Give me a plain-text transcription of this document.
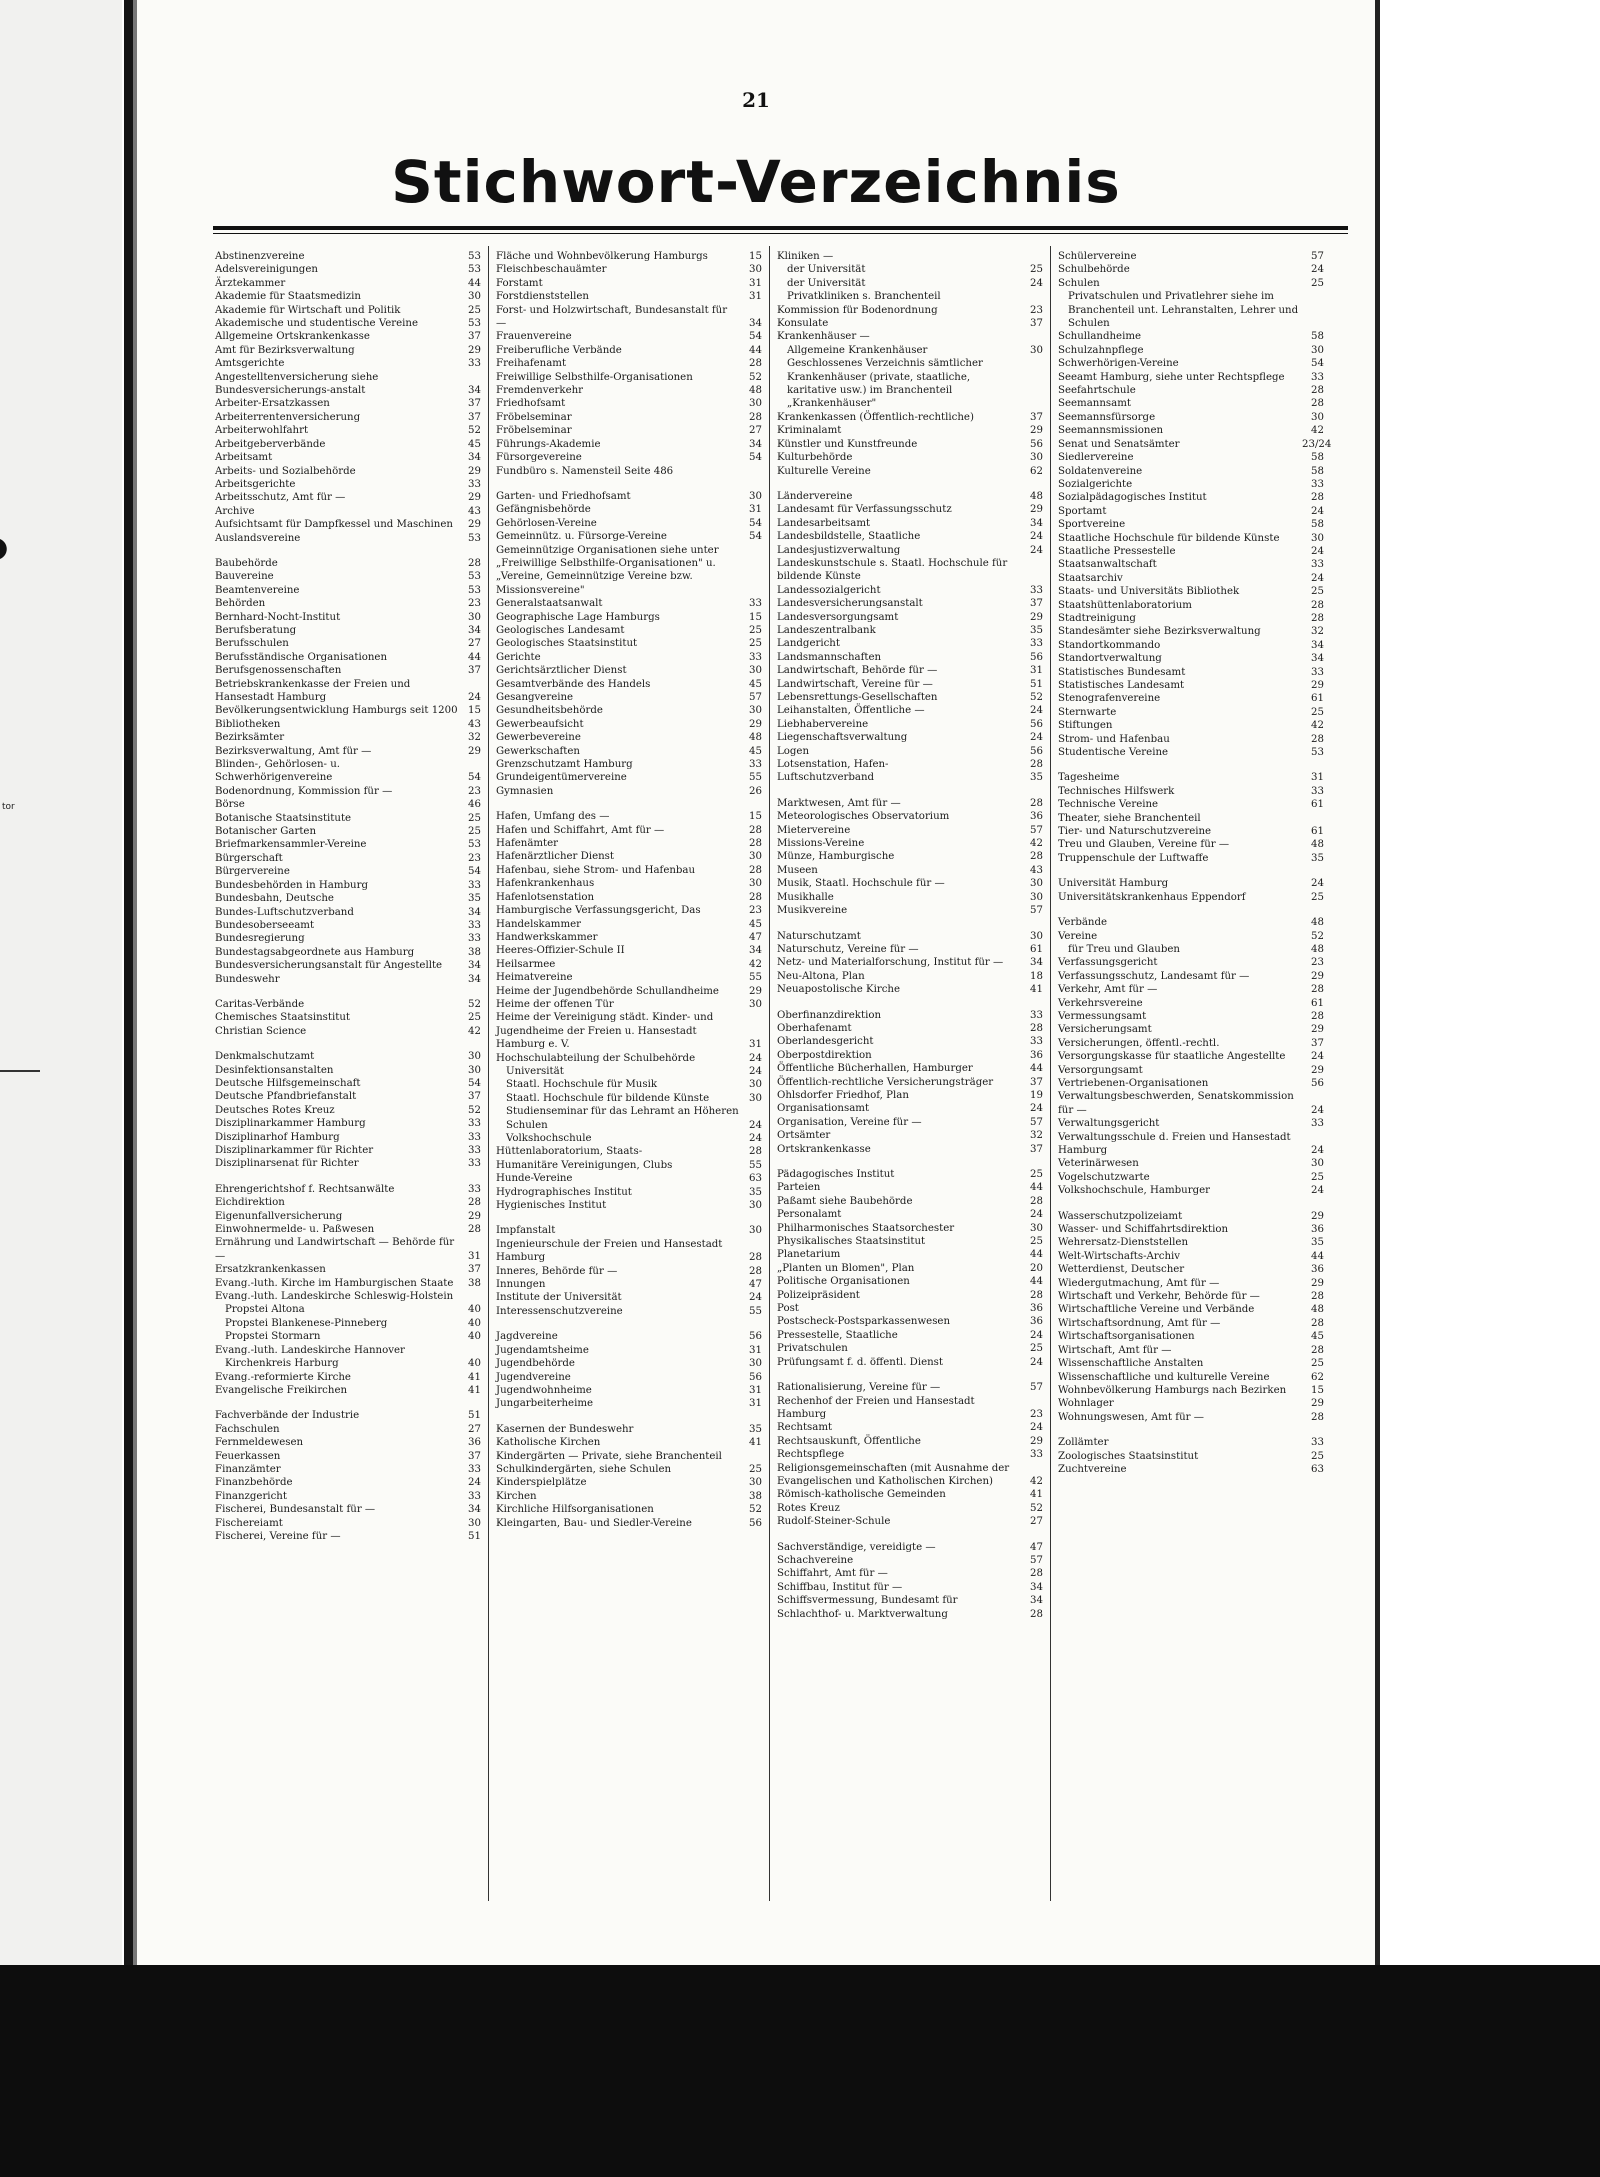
tor
21
Stichwort-Verzeichnis
Abstinenzvereine	53
Adelsvereinigungen	53
Ärztekammer	44
Akademie für Staatsmedizin	30
Akademie für Wirtschaft und Politik	25
Akademische und studentische Vereine	53
Allgemeine Ortskrankenkasse	37
Amt für Bezirksverwaltung	29
Amtsgerichte	33
Angestelltenversicherung siehe Bundesversicherungs-anstalt	34
Arbeiter-Ersatzkassen	37
Arbeiterrentenversicherung	37
Arbeiterwohlfahrt	52
Arbeitgeberverbände	45
Arbeitsamt	34
Arbeits- und Sozialbehörde	29
Arbeitsgerichte	33
Arbeitsschutz, Amt für —	29
Archive	43
Aufsichtsamt für Dampfkessel und Maschinen	29
Auslandsvereine	53
Baubehörde	28
Bauvereine	53
Beamtenvereine	53
Behörden	23
Bernhard-Nocht-Institut	30
Berufsberatung	34
Berufsschulen	27
Berufsständische Organisationen	44
Berufsgenossenschaften	37
Betriebskrankenkasse der Freien und Hansestadt Hamburg	24
Bevölkerungsentwicklung Hamburgs seit 1200	15
Bibliotheken	43
Bezirksämter	32
Bezirksverwaltung, Amt für —	29
Blinden-, Gehörlosen- u. Schwerhörigenvereine	54
Bodenordnung, Kommission für —	23
Börse	46
Botanische Staatsinstitute	25
Botanischer Garten	25
Briefmarkensammler-Vereine	53
Bürgerschaft	23
Bürgervereine	54
Bundesbehörden in Hamburg	33
Bundesbahn, Deutsche	35
Bundes-Luftschutzverband	34
Bundesoberseeamt	33
Bundesregierung	33
Bundestagsabgeordnete aus Hamburg	38
Bundesversicherungsanstalt für Angestellte	34
Bundeswehr	34
Caritas-Verbände	52
Chemisches Staatsinstitut	25
Christian Science	42
Denkmalschutzamt	30
Desinfektionsanstalten	30
Deutsche Hilfsgemeinschaft	54
Deutsche Pfandbriefanstalt	37
Deutsches Rotes Kreuz	52
Disziplinarkammer Hamburg	33
Disziplinarhof Hamburg	33
Disziplinarkammer für Richter	33
Disziplinarsenat für Richter	33
Ehrengerichtshof f. Rechtsanwälte	33
Eichdirektion	28
Eigenunfallversicherung	29
Einwohnermelde- u. Paßwesen	28
Ernährung und Landwirtschaft — Behörde für —	31
Ersatzkrankenkassen	37
Evang.-luth. Kirche im Hamburgischen Staate	38
Evang.-luth. Landeskirche Schleswig-Holstein
Propstei Altona	40
Propstei Blankenese-Pinneberg	40
Propstei Stormarn	40
Evang.-luth. Landeskirche Hannover
Kirchenkreis Harburg	40
Evang.-reformierte Kirche	41
Evangelische Freikirchen	41
Fachverbände der Industrie	51
Fachschulen	27
Fernmeldewesen	36
Feuerkassen	37
Finanzämter	33
Finanzbehörde	24
Finanzgericht	33
Fischerei, Bundesanstalt für —	34
Fischereiamt	30
Fischerei, Vereine für —	51
Fläche und Wohnbevölkerung Hamburgs	15
Fleischbeschauämter	30
Forstamt	31
Forstdienststellen	31
Forst- und Holzwirtschaft, Bundesanstalt für —	34
Frauenvereine	54
Freiberufliche Verbände	44
Freihafenamt	28
Freiwillige Selbsthilfe-Organisationen	52
Fremdenverkehr	48
Friedhofsamt	30
Fröbelseminar	28
Fröbelseminar	27
Führungs-Akademie	34
Fürsorgevereine	54
Fundbüro s. Namensteil Seite 486
Garten- und Friedhofsamt	30
Gefängnisbehörde	31
Gehörlosen-Vereine	54
Gemeinnütz. u. Fürsorge-Vereine	54
Gemeinnützige Organisationen siehe unter „Freiwillige Selbsthilfe-Organisationen" u. „Vereine, Gemeinnützige Vereine bzw. Missionsvereine"
Generalstaatsanwalt	33
Geographische Lage Hamburgs	15
Geologisches Landesamt	25
Geologisches Staatsinstitut	25
Gerichte	33
Gerichtsärztlicher Dienst	30
Gesamtverbände des Handels	45
Gesangvereine	57
Gesundheitsbehörde	30
Gewerbeaufsicht	29
Gewerbevereine	48
Gewerkschaften	45
Grenzschutzamt Hamburg	33
Grundeigentümervereine	55
Gymnasien	26
Hafen, Umfang des —	15
Hafen und Schiffahrt, Amt für —	28
Hafenämter	28
Hafenärztlicher Dienst	30
Hafenbau, siehe Strom- und Hafenbau	28
Hafenkrankenhaus	30
Hafenlotsenstation	28
Hamburgische Verfassungsgericht, Das	23
Handelskammer	45
Handwerkskammer	47
Heeres-Offizier-Schule II	34
Heilsarmee	42
Heimatvereine	55
Heime der Jugendbehörde Schullandheime	29
Heime der offenen Tür	30
Heime der Vereinigung städt. Kinder- und Jugendheime der Freien u. Hansestadt Hamburg e. V.	31
Hochschulabteilung der Schulbehörde	24
Universität	24
Staatl. Hochschule für Musik	30
Staatl. Hochschule für bildende Künste	30
Studienseminar für das Lehramt an Höheren Schulen	24
Volkshochschule	24
Hüttenlaboratorium, Staats-	28
Humanitäre Vereinigungen, Clubs	55
Hunde-Vereine	63
Hydrographisches Institut	35
Hygienisches Institut	30
Impfanstalt	30
Ingenieurschule der Freien und Hansestadt Hamburg	28
Inneres, Behörde für —	28
Innungen	47
Institute der Universität	24
Interessenschutzvereine	55
Jagdvereine	56
Jugendamtsheime	31
Jugendbehörde	30
Jugendvereine	56
Jugendwohnheime	31
Jungarbeiterheime	31
Kasernen der Bundeswehr	35
Katholische Kirchen	41
Kindergärten — Private, siehe Branchenteil Schulkindergärten, siehe Schulen	25
Kinderspielplätze	30
Kirchen	38
Kirchliche Hilfsorganisationen	52
Kleingarten, Bau- und Siedler-Vereine	56
Kliniken —
der Universität	25
der Universität	24
Privatkliniken s. Branchenteil
Kommission für Bodenordnung	23
Konsulate	37
Krankenhäuser —
Allgemeine Krankenhäuser	30
Geschlossenes Verzeichnis sämtlicher Krankenhäuser (private, staatliche, karitative usw.) im Branchenteil „Krankenhäuser"
Krankenkassen (Öffentlich-rechtliche)	37
Kriminalamt	29
Künstler und Kunstfreunde	56
Kulturbehörde	30
Kulturelle Vereine	62
Ländervereine	48
Landesamt für Verfassungsschutz	29
Landesarbeitsamt	34
Landesbildstelle, Staatliche	24
Landesjustizverwaltung	24
Landeskunstschule s. Staatl. Hochschule für bildende Künste
Landessozialgericht	33
Landesversicherungsanstalt	37
Landesversorgungsamt	29
Landeszentralbank	35
Landgericht	33
Landsmannschaften	56
Landwirtschaft, Behörde für —	31
Landwirtschaft, Vereine für —	51
Lebensrettungs-Gesellschaften	52
Leihanstalten, Öffentliche —	24
Liebhabervereine	56
Liegenschaftsverwaltung	24
Logen	56
Lotsenstation, Hafen-	28
Luftschutzverband	35
Marktwesen, Amt für —	28
Meteorologisches Observatorium	36
Mietervereine	57
Missions-Vereine	42
Münze, Hamburgische	28
Museen	43
Musik, Staatl. Hochschule für —	30
Musikhalle	30
Musikvereine	57
Naturschutzamt	30
Naturschutz, Vereine für —	61
Netz- und Materialforschung, Institut für —	34
Neu-Altona, Plan	18
Neuapostolische Kirche	41
Oberfinanzdirektion	33
Oberhafenamt	28
Oberlandesgericht	33
Oberpostdirektion	36
Öffentliche Bücherhallen, Hamburger	44
Öffentlich-rechtliche Versicherungsträger	37
Ohlsdorfer Friedhof, Plan	19
Organisationsamt	24
Organisation, Vereine für —	57
Ortsämter	32
Ortskrankenkasse	37
Pädagogisches Institut	25
Parteien	44
Paßamt siehe Baubehörde	28
Personalamt	24
Philharmonisches Staatsorchester	30
Physikalisches Staatsinstitut	25
Planetarium	44
„Planten un Blomen", Plan	20
Politische Organisationen	44
Polizeipräsident	28
Post	36
Postscheck-Postsparkassenwesen	36
Pressestelle, Staatliche	24
Privatschulen	25
Prüfungsamt f. d. öffentl. Dienst	24
Rationalisierung, Vereine für —	57
Rechenhof der Freien und Hansestadt Hamburg	23
Rechtsamt	24
Rechtsauskunft, Öffentliche	29
Rechtspflege	33
Religionsgemeinschaften (mit Ausnahme der Evangelischen und Katholischen Kirchen)	42
Römisch-katholische Gemeinden	41
Rotes Kreuz	52
Rudolf-Steiner-Schule	27
Sachverständige, vereidigte —	47
Schachvereine	57
Schiffahrt, Amt für —	28
Schiffbau, Institut für —	34
Schiffsvermessung, Bundesamt für	34
Schlachthof- u. Marktverwaltung	28
Schülervereine	57
Schulbehörde	24
Schulen	25
Privatschulen und Privatlehrer siehe im Branchenteil unt. Lehranstalten, Lehrer und Schulen
Schullandheime	58
Schulzahnpflege	30
Schwerhörigen-Vereine	54
Seeamt Hamburg, siehe unter Rechtspflege	33
Seefahrtschule	28
Seemannsamt	28
Seemannsfürsorge	30
Seemannsmissionen	42
Senat und Senatsämter	23/24
Siedlervereine	58
Soldatenvereine	58
Sozialgerichte	33
Sozialpädagogisches Institut	28
Sportamt	24
Sportvereine	58
Staatliche Hochschule für bildende Künste	30
Staatliche Pressestelle	24
Staatsanwaltschaft	33
Staatsarchiv	24
Staats- und Universitäts Bibliothek	25
Staatshüttenlaboratorium	28
Stadtreinigung	28
Standesämter siehe Bezirksverwaltung	32
Standortkommando	34
Standortverwaltung	34
Statistisches Bundesamt	33
Statistisches Landesamt	29
Stenografenvereine	61
Sternwarte	25
Stiftungen	42
Strom- und Hafenbau	28
Studentische Vereine	53
Tagesheime	31
Technisches Hilfswerk	33
Technische Vereine	61
Theater, siehe Branchenteil
Tier- und Naturschutzvereine	61
Treu und Glauben, Vereine für —	48
Truppenschule der Luftwaffe	35
Universität Hamburg	24
Universitätskrankenhaus Eppendorf	25
Verbände	48
Vereine	52
für Treu und Glauben	48
Verfassungsgericht	23
Verfassungsschutz, Landesamt für —	29
Verkehr, Amt für —	28
Verkehrsvereine	61
Vermessungsamt	28
Versicherungsamt	29
Versicherungen, öffentl.-rechtl.	37
Versorgungskasse für staatliche Angestellte	24
Versorgungsamt	29
Vertriebenen-Organisationen	56
Verwaltungsbeschwerden, Senatskommission für —	24
Verwaltungsgericht	33
Verwaltungsschule d. Freien und Hansestadt Hamburg	24
Veterinärwesen	30
Vogelschutzwarte	25
Volkshochschule, Hamburger	24
Wasserschutzpolizeiamt	29
Wasser- und Schiffahrtsdirektion	36
Wehrersatz-Dienststellen	35
Welt-Wirtschafts-Archiv	44
Wetterdienst, Deutscher	36
Wiedergutmachung, Amt für —	29
Wirtschaft und Verkehr, Behörde für —	28
Wirtschaftliche Vereine und Verbände	48
Wirtschaftsordnung, Amt für —	28
Wirtschaftsorganisationen	45
Wirtschaft, Amt für —	28
Wissenschaftliche Anstalten	25
Wissenschaftliche und kulturelle Vereine	62
Wohnbevölkerung Hamburgs nach Bezirken	15
Wohnlager	29
Wohnungswesen, Amt für —	28
Zollämter	33
Zoologisches Staatsinstitut	25
Zuchtvereine	63
